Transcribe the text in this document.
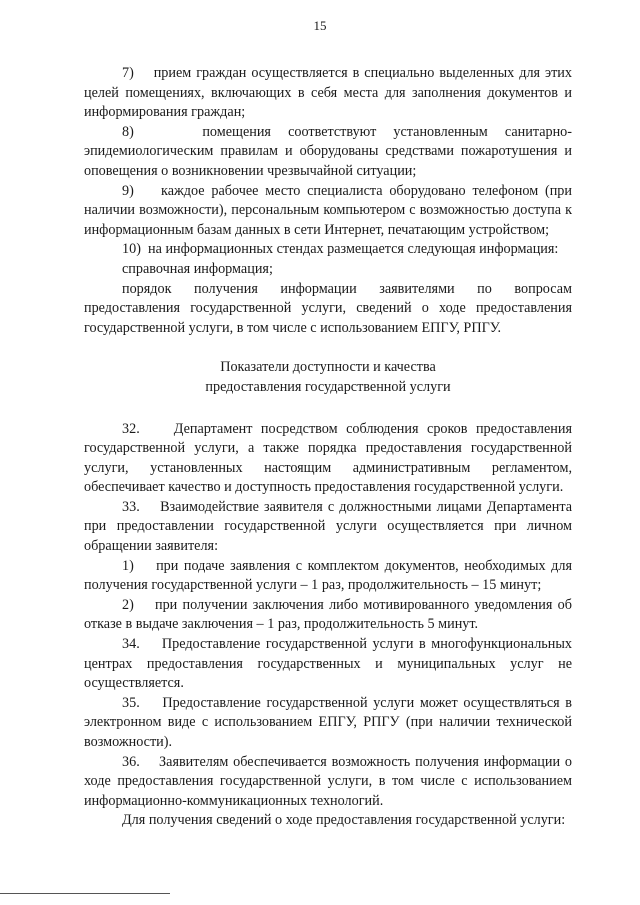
15

7)    прием граждан осуществляется в специально выделенных для этих целей помещениях, включающих в себя места для заполнения документов и информирования граждан;

8)    помещения соответствуют установленным санитарно-эпидемиологическим правилам и оборудованы средствами пожаротушения и оповещения о возникновении чрезвычайной ситуации;

9)    каждое рабочее место специалиста оборудовано телефоном (при наличии возможности), персональным компьютером с возможностью доступа к информационным базам данных в сети Интернет, печатающим устройством;

10)  на информационных стендах размещается следующая информация:

справочная информация;

порядок получения информации заявителями по вопросам предоставления государственной услуги, сведений о ходе предоставления государственной услуги, в том числе с использованием ЕПГУ, РПГУ.

Показатели доступности и качества
предоставления государственной услуги

32.    Департамент посредством соблюдения сроков предоставления государственной услуги, а также порядка предоставления государственной услуги, установленных настоящим административным регламентом, обеспечивает качество и доступность предоставления государственной услуги.

33.    Взаимодействие заявителя с должностными лицами Департамента при предоставлении государственной услуги осуществляется при личном обращении заявителя:

1)    при подаче заявления с комплектом документов, необходимых для получения государственной услуги – 1 раз, продолжительность – 15 минут;

2)    при получении заключения либо мотивированного уведомления об отказе в выдаче заключения – 1 раз, продолжительность 5 минут.

34.    Предоставление государственной услуги в многофункциональных центрах предоставления государственных и муниципальных услуг не осуществляется.

35.    Предоставление государственной услуги может осуществляться в электронном виде с использованием ЕПГУ, РПГУ (при наличии технической возможности).

36.    Заявителям обеспечивается возможность получения информации о ходе предоставления государственной услуги, в том числе с использованием информационно-коммуникационных технологий.

Для получения сведений о ходе предоставления государственной услуги:
